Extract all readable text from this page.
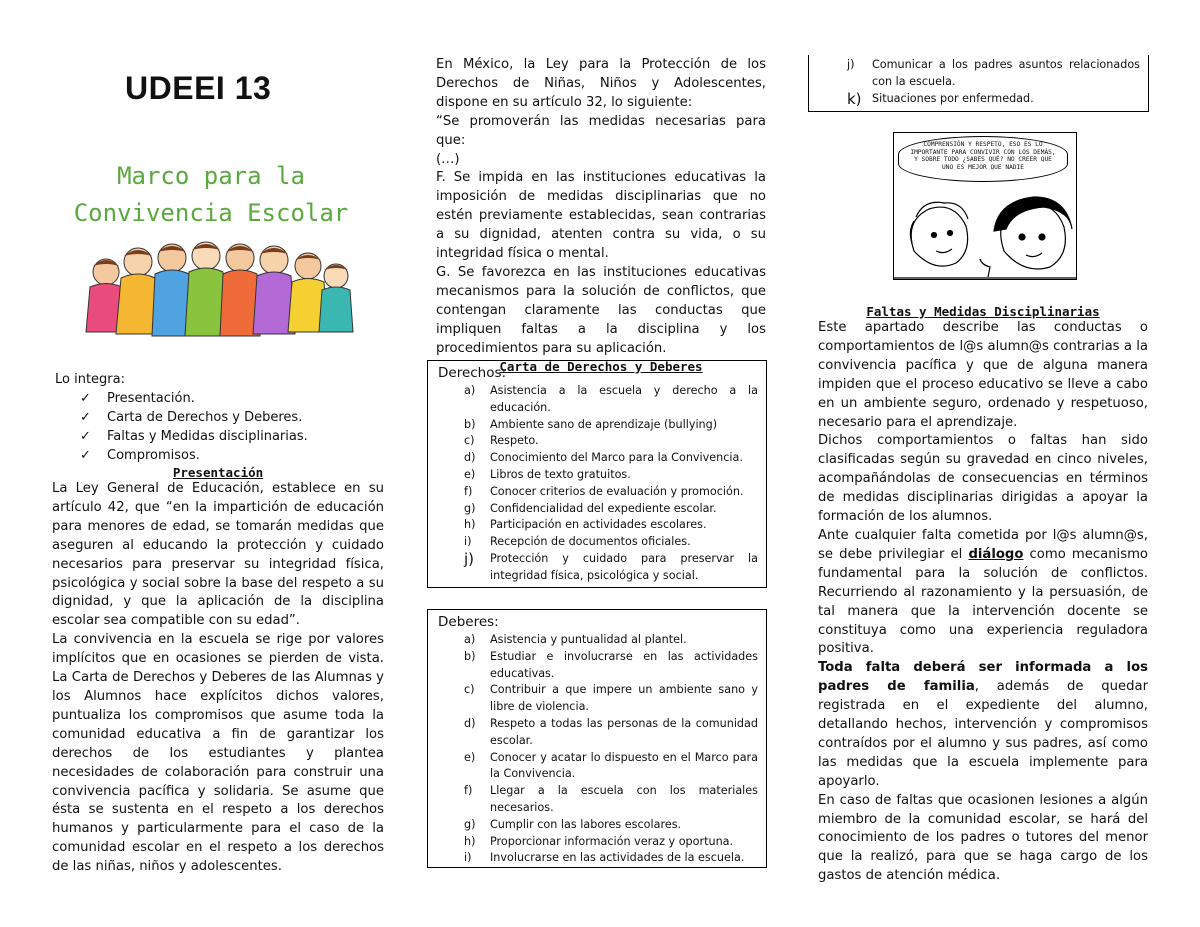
UDEEI 13
Marco para la
Convivencia Escolar
Lo integra:
✓ Presentación.
✓ Carta de Derechos y Deberes.
✓ Faltas y Medidas disciplinarias.
✓ Compromisos.
Presentación

La Ley General de Educación, establece en su artículo 42, que “en la impartición de educación para menores de edad, se tomarán medidas que aseguren al educando la protección y cuidado necesarios para preservar su integridad física, psicológica y social sobre la base del respeto a su dignidad, y que la aplicación de la disciplina escolar sea compatible con su edad”.

La convivencia en la escuela se rige por valores implícitos que en ocasiones se pierden de vista. La Carta de Derechos y Deberes de las Alumnas y los Alumnos hace explícitos dichos valores, puntualiza los compromisos que asume toda la comunidad educativa a fin de garantizar los derechos de los estudiantes y plantea necesidades de colaboración para construir una convivencia pacífica y solidaria. Se asume que ésta se sustenta en el respeto a los derechos humanos y particularmente para el caso de la comunidad escolar en el respeto a los derechos de las niñas, niños y adolescentes.

En México, la Ley para la Protección de los Derechos de Niñas, Niños y Adolescentes, dispone en su artículo 32, lo siguiente:

“Se promoverán las medidas necesarias para que:

(…)

F. Se impida en las instituciones educativas la imposición de medidas disciplinarias que no estén previamente establecidas, sean contrarias a su dignidad, atenten contra su vida, o su integridad física o mental.

G. Se favorezca en las instituciones educativas mecanismos para la solución de conflictos, que contengan claramente las conductas que impliquen faltas a la disciplina y los procedimientos para su aplicación.

Carta de Derechos y Deberes
Derechos:
a) Asistencia a la escuela y derecho a la educación.
b) Ambiente sano de aprendizaje (bullying)
c) Respeto.
d) Conocimiento del Marco para la Convivencia.
e) Libros de texto gratuitos.
f) Conocer criterios de evaluación y promoción.
g) Confidencialidad del expediente escolar.
h) Participación en actividades escolares.
i) Recepción de documentos oficiales.
j) Protección y cuidado para preservar la integridad física, psicológica y social.
Deberes:
a) Asistencia y puntualidad al plantel.
b) Estudiar e involucrarse en las actividades educativas.
c) Contribuir a que impere un ambiente sano y libre de violencia.
d) Respeto a todas las personas de la comunidad escolar.
e) Conocer y acatar lo dispuesto en el Marco para la Convivencia.
f) Llegar a la escuela con los materiales necesarios.
g) Cumplir con las labores escolares.
h) Proporcionar información veraz y oportuna.
i) Involucrarse en las actividades de la escuela.
j) Comunicar a los padres asuntos relacionados con la escuela.
k) Situaciones por enfermedad.
COMPRENSIÓN Y RESPETO, ESO ES LO IMPORTANTE PARA CONVIVIR CON LOS DEMÁS, Y SOBRE TODO ¿SABES QUÉ? NO CREER QUE UNO ES MEJOR QUE NADIE
Faltas y Medidas Disciplinarias

Este apartado describe las conductas o comportamientos de l@s alumn@s contrarias a la convivencia pacífica y que de alguna manera impiden que el proceso educativo se lleve a cabo en un ambiente seguro, ordenado y respetuoso, necesario para el aprendizaje.

Dichos comportamientos o faltas han sido clasificadas según su gravedad en cinco niveles, acompañándolas de consecuencias en términos de medidas disciplinarias dirigidas a apoyar la formación de los alumnos.

Ante cualquier falta cometida por l@s alumn@s, se debe privilegiar el diálogo como mecanismo fundamental para la solución de conflictos. Recurriendo al razonamiento y la persuasión, de tal manera que la intervención docente se constituya como una experiencia reguladora positiva.

Toda falta deberá ser informada a los padres de familia, además de quedar registrada en el expediente del alumno, detallando hechos, intervención y compromisos contraídos por el alumno y sus padres, así como las medidas que la escuela implemente para apoyarlo.

En caso de faltas que ocasionen lesiones a algún miembro de la comunidad escolar, se hará del conocimiento de los padres o tutores del menor que la realizó, para que se haga cargo de los gastos de atención médica.
